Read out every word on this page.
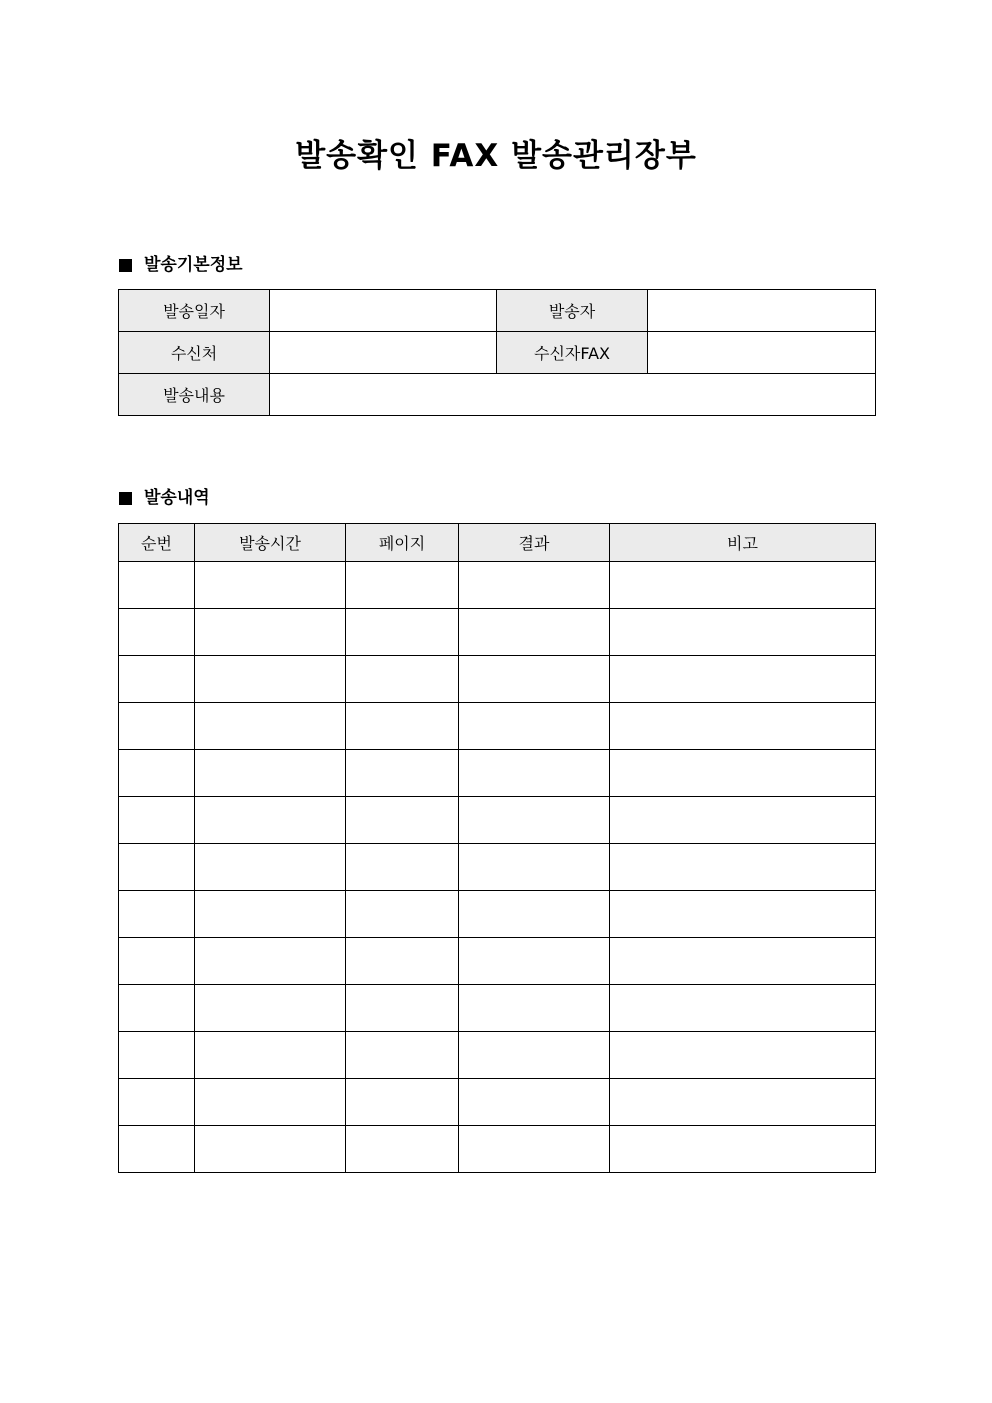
발송확인 FAX 발송관리장부
발송기본정보
발송일자		발송자	
수신처		수신자FAX	
발송내용			
발송내역
순번	발송시간	페이지	결과	비고
